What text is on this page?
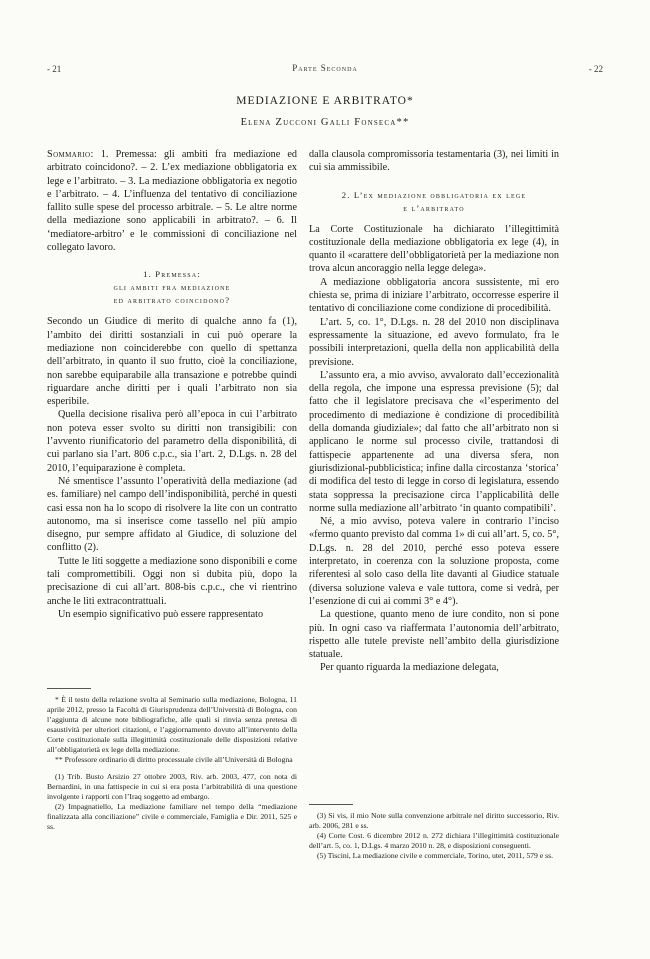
- 21	Parte Seconda	- 22
MEDIAZIONE E ARBITRATO*
Elena Zucconi Galli Fonseca**
Sommario: 1. Premessa: gli ambiti fra mediazione ed arbitrato coincidono?. – 2. L’ex mediazione obbligatoria ex lege e l’arbitrato. – 3. La mediazione obbligatoria ex negotio e l’arbitrato. – 4. L’influenza del tentativo di conciliazione fallito sulle spese del processo arbitrale. – 5. Le altre norme della mediazione sono applicabili in arbitrato?. – 6. Il ‘mediatore-arbitro’ e le commissioni di conciliazione nel collegato lavoro.
1. Premessa:
gli ambiti fra mediazione
ed arbitrato coincidono?

Secondo un Giudice di merito di qualche anno fa (1), l’ambito dei diritti sostanziali in cui può operare la mediazione non coinciderebbe con quello di spettanza dell’arbitrato, in quanto il suo frutto, cioè la conciliazione, non sarebbe equiparabile alla transazione e potrebbe quindi riguardare anche diritti per i quali l’arbitrato non sia esperibile.

Quella decisione risaliva però all’epoca in cui l’arbitrato non poteva esser svolto su diritti non transigibili: con l’avvento riunificatorio del parametro della disponibilità, di cui parlano sia l’art. 806 c.p.c., sia l’art. 2, D.Lgs. n. 28 del 2010, l’equiparazione è completa.

Né smentisce l’assunto l’operatività della mediazione (ad es. familiare) nel campo dell’indisponibilità, perché in questi casi essa non ha lo scopo di risolvere la lite con un contratto autonomo, ma si inserisce come tassello nel più ampio disegno, pur sempre affidato al Giudice, di soluzione del conflitto (2).

Tutte le liti soggette a mediazione sono disponibili e come tali compromettibili. Oggi non si dubita più, dopo la precisazione di cui all’art. 808-bis c.p.c., che vi rientrino anche le liti extracontrattuali.

Un esempio significativo può essere rappresentato

dalla clausola compromissoria testamentaria (3), nei limiti in cui sia ammissibile.

2. L’ex mediazione obbligatoria ex lege
e l’arbitrato

La Corte Costituzionale ha dichiarato l’illegittimità costituzionale della mediazione obbligatoria ex lege (4), in quanto il «carattere dell’obbligatorietà per la mediazione non trova alcun ancoraggio nella legge delega».

A mediazione obbligatoria ancora sussistente, mi ero chiesta se, prima di iniziare l’arbitrato, occorresse esperire il tentativo di conciliazione come condizione di procedibilità.

L’art. 5, co. 1°, D.Lgs. n. 28 del 2010 non disciplinava espressamente la situazione, ed avevo formulato, fra le possibili interpretazioni, quella della non applicabilità della previsione.

L’assunto era, a mio avviso, avvalorato dall’eccezionalità della regola, che impone una espressa previsione (5); dal fatto che il legislatore precisava che «l’esperimento del procedimento di mediazione è condizione di procedibilità della domanda giudiziale»; dal fatto che all’arbitrato non si applicano le norme sul processo civile, trattandosi di fattispecie appartenente ad una diversa sfera, non giurisdizional-pubblicistica; infine dalla circostanza ‘storica’ di modifica del testo di legge in corso di legislatura, essendo stata soppressa la precisazione circa l’applicabilità delle norme sulla mediazione all’arbitrato ‘in quanto compatibili’.

Né, a mio avviso, poteva valere in contrario l’inciso «fermo quanto previsto dal comma 1» di cui all’art. 5, co. 5°, D.Lgs. n. 28 del 2010, perché esso poteva essere interpretato, in coerenza con la soluzione proposta, come riferentesi al solo caso della lite davanti al Giudice statuale (diversa soluzione valeva e vale tuttora, come si vedrà, per l’esenzione di cui ai commi 3° e 4°).

La questione, quanto meno de iure condito, non si pone più. In ogni caso va riaffermata l’autonomia dell’arbitrato, rispetto alle tutele previste nell’ambito della giurisdizione statuale.

Per quanto riguarda la mediazione delegata,

* È il testo della relazione svolta al Seminario sulla mediazione, Bologna, 11 aprile 2012, presso la Facoltà di Giurisprudenza dell’Università di Bologna, con l’aggiunta di alcune note bibliografiche, alle quali si rinvia senza pretesa di esaustività per ulteriori citazioni, e l’aggiornamento dovuto all’intervento della Corte costituzionale sulla illegittimità costituzionale delle disposizioni relative all’obbligatorietà ex lege della mediazione.

** Professore ordinario di diritto processuale civile all’Università di Bologna

(1) Trib. Busto Arsizio 27 ottobre 2003, Riv. arb. 2003, 477, con nota di Bernardini, in una fattispecie in cui si era posta l’arbitrabilità di una questione involgente i rapporti con l’Iraq soggetto ad embargo.

(2) Impagnatiello, La mediazione familiare nel tempo della “mediazione finalizzata alla conciliazione” civile e commerciale, Famiglia e Dir. 2011, 525 e ss.

(3) Si vis, il mio Note sulla convenzione arbitrale nel diritto successorio, Riv. arb. 2006, 281 e ss.

(4) Corte Cost. 6 dicembre 2012 n. 272 dichiara l’illegittimità costituzionale dell’art. 5, co. 1, D.Lgs. 4 marzo 2010 n. 28, e disposizioni conseguenti.

(5) Tiscini, La mediazione civile e commerciale, Torino, utet, 2011, 579 e ss.
